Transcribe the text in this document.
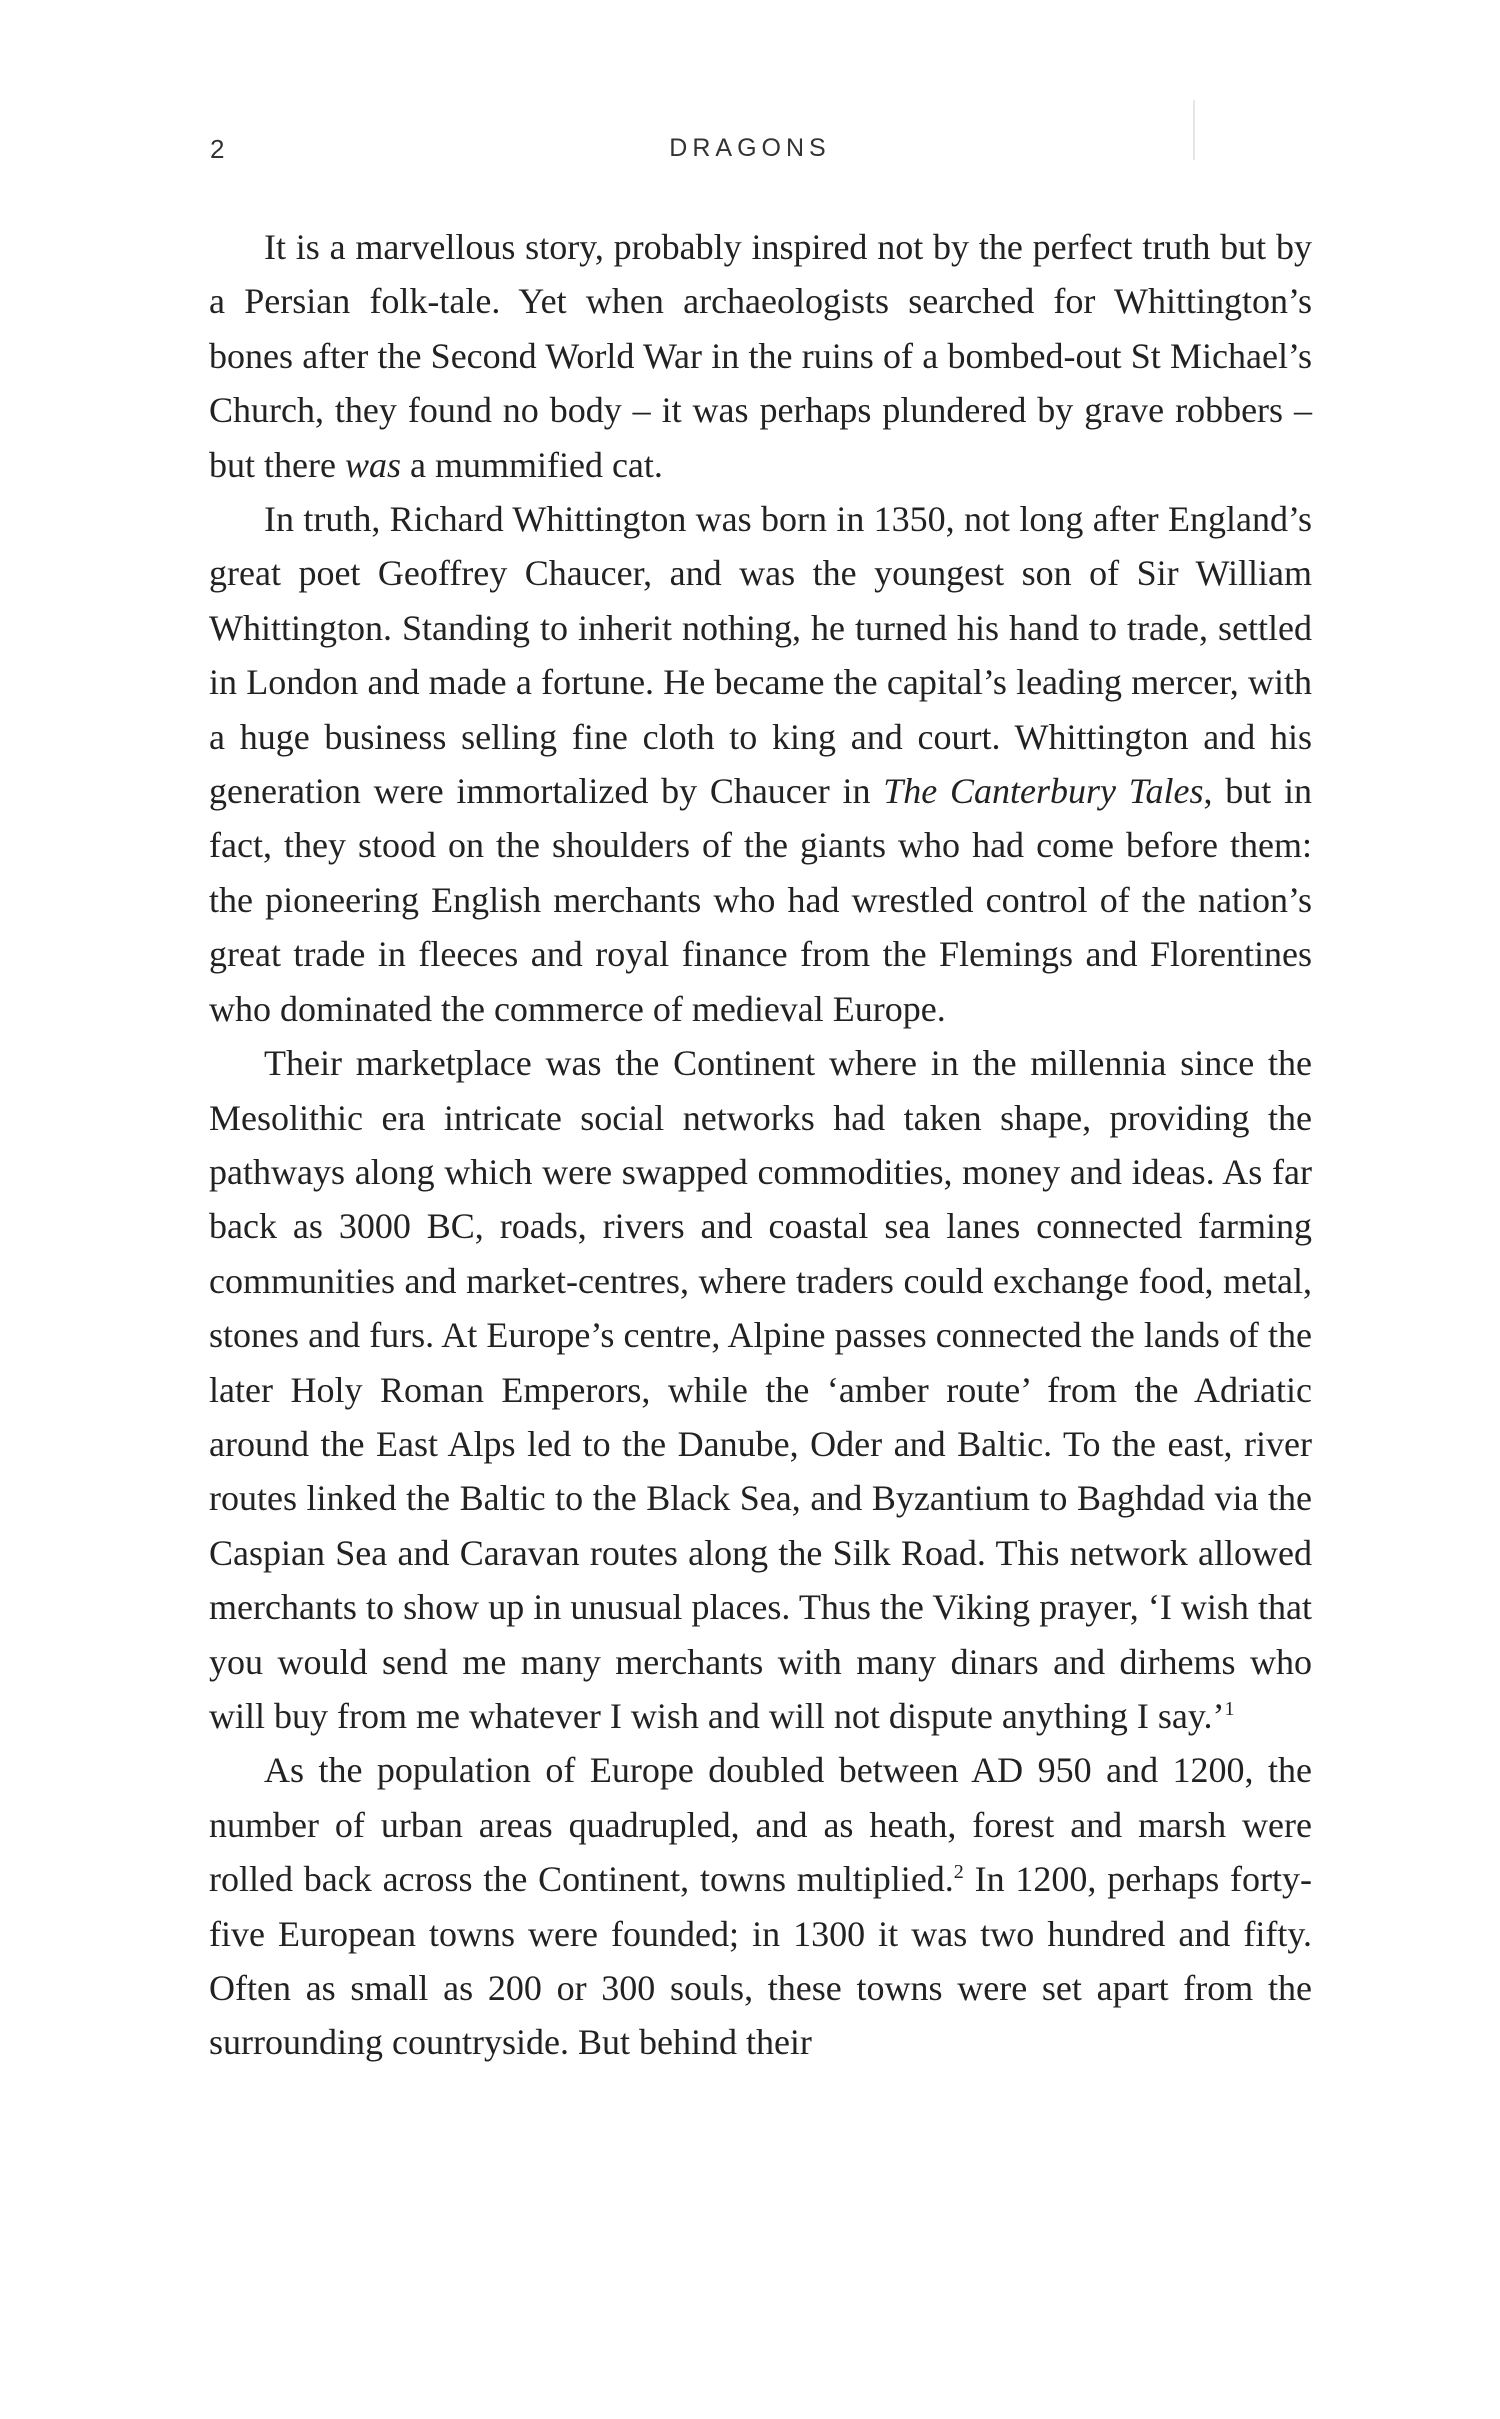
2	DRAGONS

It is a marvellous story, probably inspired not by the perfect truth but by a Persian folk-tale. Yet when archaeologists searched for Whittington’s bones after the Second World War in the ruins of a bombed-out St Michael’s Church, they found no body – it was perhaps plundered by grave robbers – but there was a mummified cat.

In truth, Richard Whittington was born in 1350, not long after England’s great poet Geoffrey Chaucer, and was the youngest son of Sir William Whittington. Standing to inherit nothing, he turned his hand to trade, settled in London and made a fortune. He became the capital’s leading mercer, with a huge business selling fine cloth to king and court. Whittington and his generation were immortalized by Chaucer in The Canterbury Tales, but in fact, they stood on the shoulders of the giants who had come before them: the pioneering English merchants who had wrestled control of the nation’s great trade in fleeces and royal finance from the Flemings and Florentines who dominated the commerce of medieval Europe.

Their marketplace was the Continent where in the millennia since the Mesolithic era intricate social networks had taken shape, providing the pathways along which were swapped commodities, money and ideas. As far back as 3000 BC, roads, rivers and coastal sea lanes connected farming communities and market-centres, where traders could exchange food, metal, stones and furs. At Europe’s centre, Alpine passes connected the lands of the later Holy Roman Emperors, while the ‘amber route’ from the Adriatic around the East Alps led to the Danube, Oder and Baltic. To the east, river routes linked the Baltic to the Black Sea, and Byzantium to Baghdad via the Caspian Sea and Caravan routes along the Silk Road. This network allowed merchants to show up in unusual places. Thus the Viking prayer, ‘I wish that you would send me many merchants with many dinars and dirhems who will buy from me whatever I wish and will not dispute anything I say.’$^1$

As the population of Europe doubled between AD 950 and 1200, the number of urban areas quadrupled, and as heath, forest and marsh were rolled back across the Continent, towns multiplied.$^2$ In 1200, perhaps forty-five European towns were founded; in 1300 it was two hundred and fifty. Often as small as 200 or 300 souls, these towns were set apart from the surrounding countryside. But behind their
